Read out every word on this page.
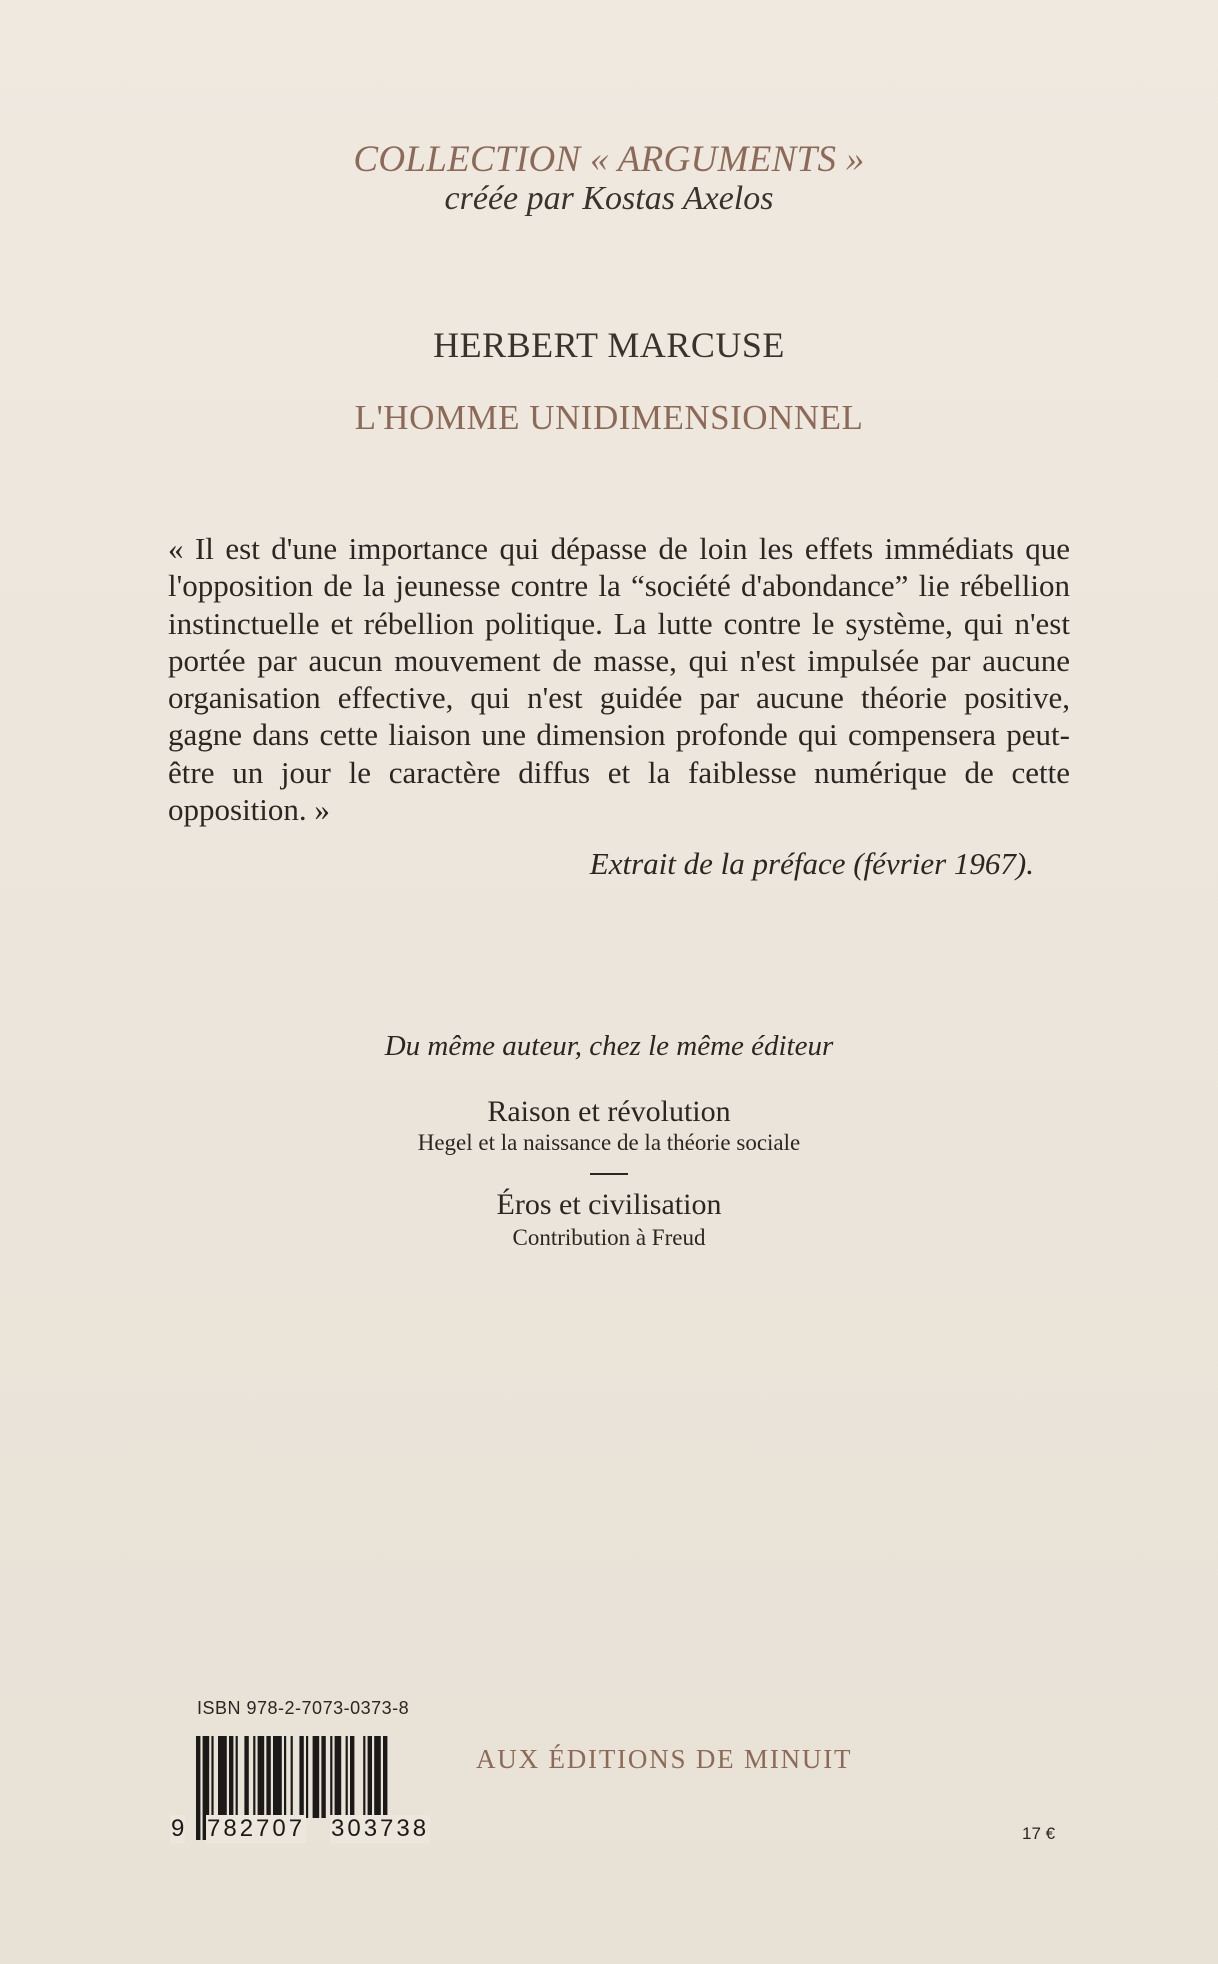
COLLECTION « ARGUMENTS »
créée par Kostas Axelos
HERBERT MARCUSE
L'HOMME UNIDIMENSIONNEL
« Il est d'une importance qui dépasse de loin les effets immédiats que l'opposition de la jeunesse contre la “société d'abondance” lie rébellion instinctuelle et rébellion politique. La lutte contre le système, qui n'est portée par aucun mouvement de masse, qui n'est impulsée par aucune organisation effective, qui n'est guidée par aucune théorie positive, gagne dans cette liaison une dimension profonde qui compensera peut-être un jour le caractère diffus et la faiblesse numérique de cette opposition. »
Extrait de la préface (février 1967).
Du même auteur, chez le même éditeur
Raison et révolution
Hegel et la naissance de la théorie sociale
Éros et civilisation
Contribution à Freud
ISBN 978-2-7073-0373-8
9 782707 303738
AUX ÉDITIONS DE MINUIT
17 €
